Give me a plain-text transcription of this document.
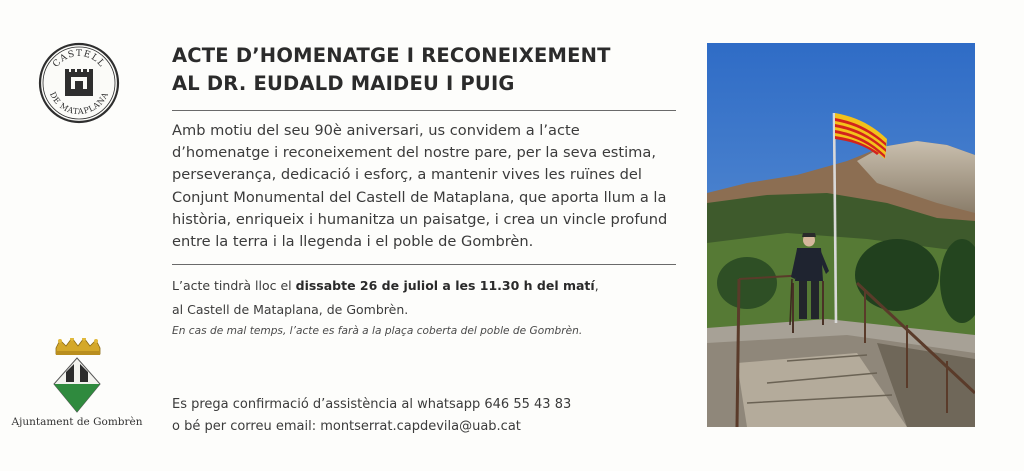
CASTELL
DE MATAPLANA
ACTE D’HOMENATGE I RECONEIXEMENT
AL DR. EUDALD MAIDEU I PUIG
Amb motiu del seu 90è aniversari, us convidem a l’acte
d’homenatge i reconeixement del nostre pare, per la seva estima,
perseverança, dedicació i esforç, a mantenir vives les ruïnes del
Conjunt Monumental del Castell de Mataplana, que aporta llum a la
història, enriqueix i humanitza un paisatge, i crea un vincle profund
entre la terra i la llegenda i el poble de Gombrèn.
L’acte tindrà lloc el dissabte 26 de juliol a les 11.30 h del matí,
al Castell de Mataplana, de Gombrèn.
En cas de mal temps, l’acte es farà a la plaça coberta del poble de Gombrèn.
Es prega confirmació d’assistència al whatsapp 646 55 43 83
o bé per correu email: montserrat.capdevila@uab.cat
Ajuntament de Gombrèn
